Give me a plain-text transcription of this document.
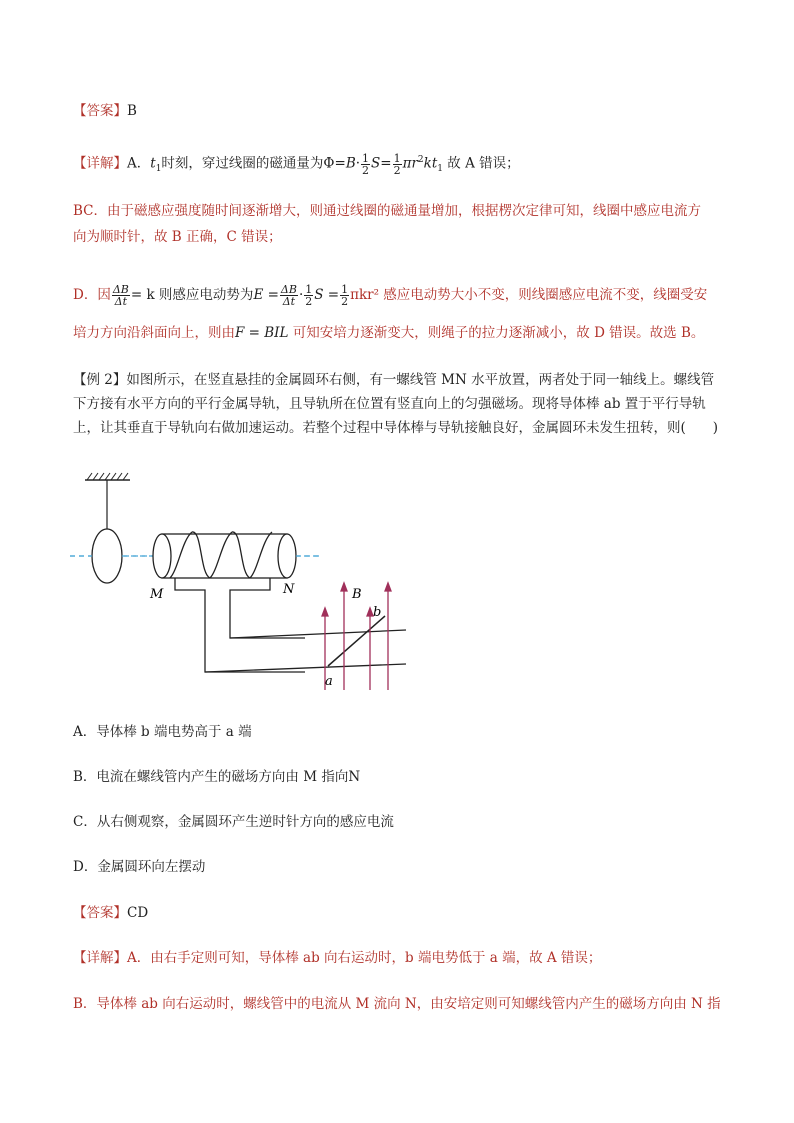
【答案】B
【详解】A．$t_1$时刻，穿过线圈的磁通量为$\Phi=B\cdot \frac{1}{2} S= \frac{1}{2} \pi r^2kt_1$ 故 A 错误；
BC．由于磁感应强度随时间逐渐增大，则通过线圈的磁通量增加，根据楞次定律可知，线圈中感应电流方
向为顺时针，故 B 正确，C 错误；
D．因 $\frac{\Delta B}{\Delta t}= k$ 则感应电动势为$E = \frac{\Delta B}{\Delta t}\cdot \frac{1}{2}$ $S = \frac{1}{2} \pi kr^2$ 感应电动势大小不变，则线圈感应电流不变，线圈受安
培力方向沿斜面向上，则由F = BIL 可知安培力逐渐变大，则绳子的拉力逐渐减小，故 D 错误。故选 B。
【例 2】如图所示，在竖直悬挂的金属圆环右侧，有一螺线管 MN 水平放置，两者处于同一轴线上。螺线管
下方接有水平方向的平行金属导轨，且导轨所在位置有竖直向上的匀强磁场。现将导体棒 ab 置于平行导轨
上，让其垂直于导轨向右做加速运动。若整个过程中导体棒与导轨接触良好，金属圆环未发生扭转，则(　　)
M	N	B
a
b
A．导体棒 b 端电势高于 a 端
B．电流在螺线管内产生的磁场方向由 M 指向N
C．从右侧观察，金属圆环产生逆时针方向的感应电流
D．金属圆环向左摆动
【答案】CD
【详解】A．由右手定则可知，导体棒 ab 向右运动时，b 端电势低于 a 端，故 A 错误；
B．导体棒 ab 向右运动时，螺线管中的电流从 M 流向 N，由安培定则可知螺线管内产生的磁场方向由 N 指
